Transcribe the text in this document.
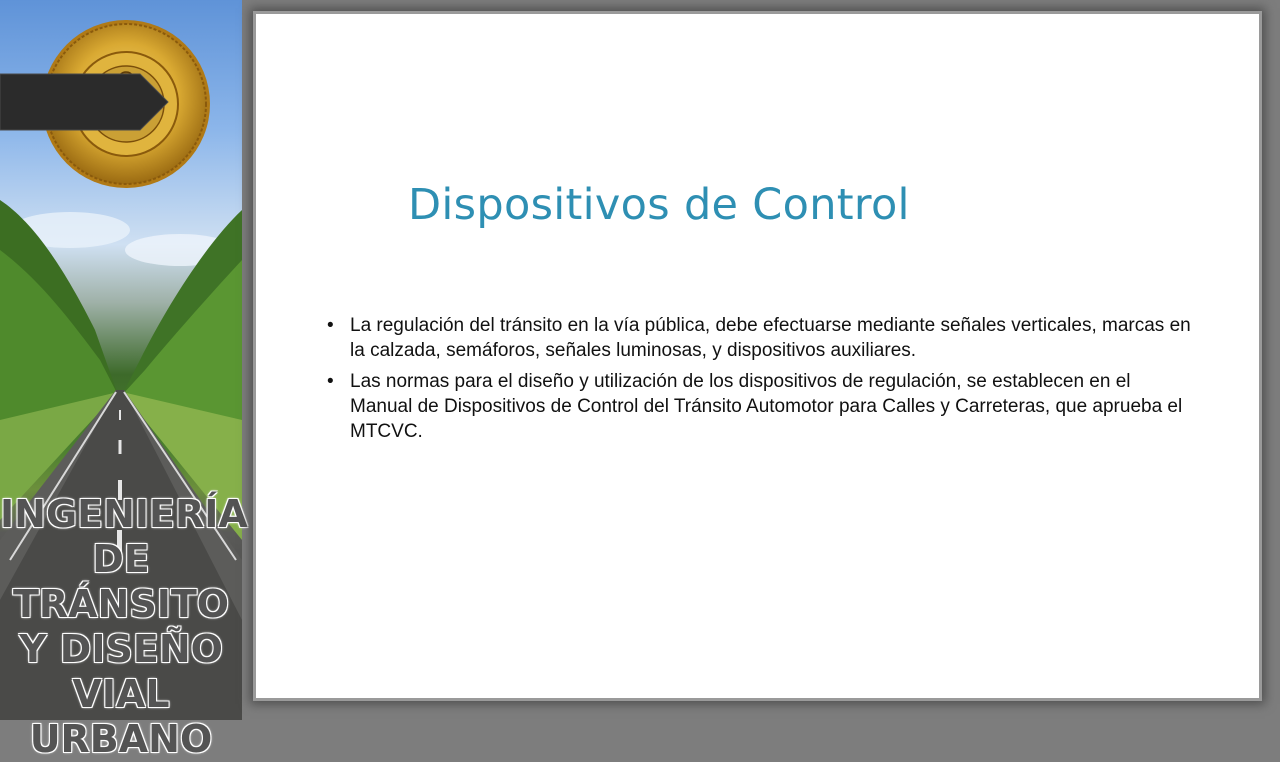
INGENIERÍA
DE TRÁNSITO
Y DISEÑO
VIAL
URBANO
Dispositivos de Control
• La regulación del tránsito en la vía pública, debe efectuarse mediante señales verticales, marcas en la calzada, semáforos, señales luminosas, y dispositivos auxiliares.
• Las normas para el diseño y utilización de los dispositivos de regulación, se establecen en el Manual de Dispositivos de Control del Tránsito Automotor para Calles y Carreteras, que aprueba el MTCVC.
